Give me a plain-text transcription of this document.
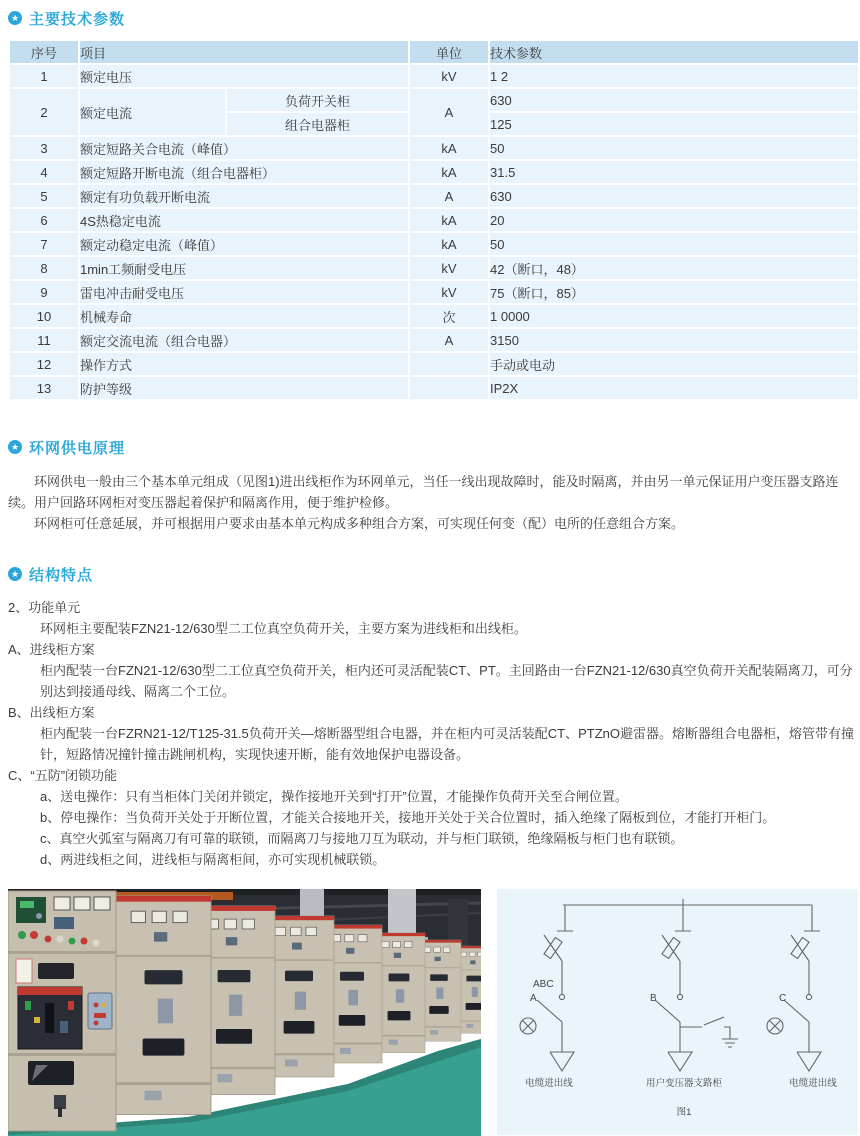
★ 主要技术参数
序号	项目		单位	技术参数
1	额定电压		kV	1 2
2	额定电流	负荷开关柜	A	630
		组合电器柜		125
3	额定短路关合电流（峰值）		kA	50
4	额定短路开断电流（组合电器柜）		kA	31.5
5	额定有功负载开断电流		A	630
6	4S热稳定电流		kA	20
7	额定动稳定电流（峰值）		kA	50
8	1min工频耐受电压		kV	42（断口，48）
9	雷电冲击耐受电压		kV	75（断口，85）
10	机械寿命		次	1 0000
11	额定交流电流（组合电器）		A	3150
12	操作方式			手动或电动
13	防护等级			IP2X
★ 环网供电原理

环网供电一般由三个基本单元组成（见图1)进出线柜作为环网单元，当任一线出现故障时，能及时隔离，并由另一单元保证用户变压器支路连续。用户回路环网柜对变压器起着保护和隔离作用，便于维护检修。

环网柜可任意延展，并可根据用户要求由基本单元构成多种组合方案，可实现任何变（配）电所的任意组合方案。

★ 结构特点
2、功能单元
环网柜主要配装FZN21-12/630型二工位真空负荷开关，主要方案为进线柜和出线柜。
A、进线柜方案
柜内配装一台FZN21-12/630型二工位真空负荷开关，柜内还可灵活配装CT、PT。主回路由一台FZN21-12/630真空负荷开关配装隔离刀，可分别达到接通母线、隔离二个工位。
B、出线柜方案
柜内配装一台FZRN21-12/T125-31.5负荷开关—熔断器型组合电器，并在柜内可灵活装配CT、PTZnO避雷器。熔断器组合电器柜，熔管带有撞针，短路情况撞针撞击跳闸机构，实现快速开断，能有效地保护电器设备。
C、“五防”闭锁功能
a、送电操作：只有当柜体门关闭并锁定，操作接地开关到“打开”位置，才能操作负荷开关至合闸位置。
b、停电操作：当负荷开关处于开断位置，才能关合接地开关，接地开关处于关合位置时，插入绝缘了隔板到位，才能打开柜门。
c、真空火弧室与隔离刀有可靠的联锁，而隔离刀与接地刀互为联动，并与柜门联锁，绝缘隔板与柜门也有联锁。
d、两进线柜之间，进线柜与隔离柜间，亦可实现机械联锁。
ABC
A	B	C
电缆进出线	用户变压器支路柜	电缆进出线
图1
